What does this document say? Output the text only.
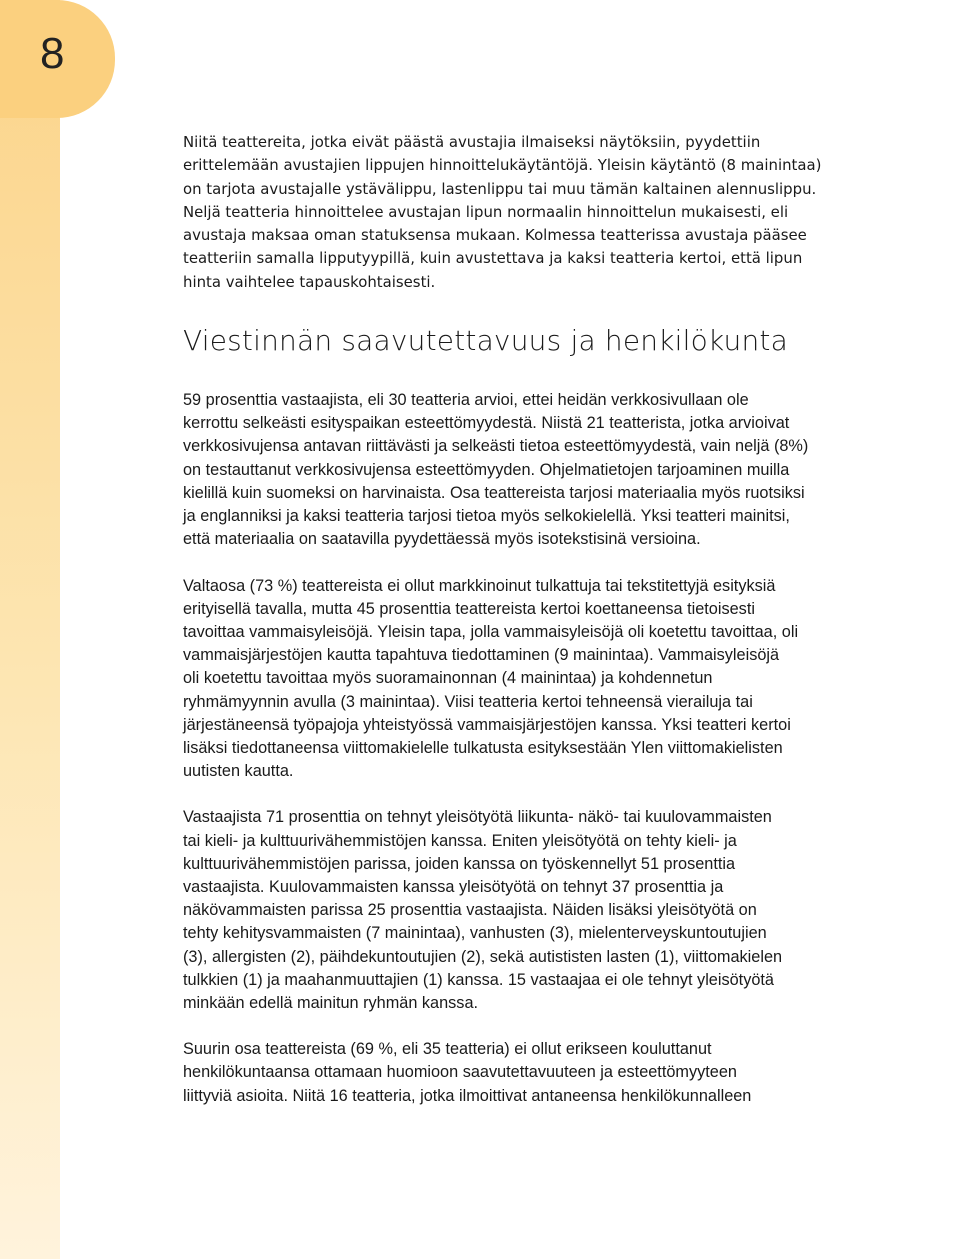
8

Niitä teattereita, jotka eivät päästä avustajia ilmaiseksi näytöksiin, pyydettiin
erittelemään avustajien lippujen hinnoittelukäytäntöjä. Yleisin käytäntö (8 mainintaa)
on tarjota avustajalle ystävälippu, lastenlippu tai muu tämän kaltainen alennuslippu.
Neljä teatteria hinnoittelee avustajan lipun normaalin hinnoittelun mukaisesti, eli
avustaja maksaa oman statuksensa mukaan. Kolmessa teatterissa avustaja pääsee
teatteriin samalla lipputyypillä, kuin avustettava ja kaksi teatteria kertoi, että lipun
hinta vaihtelee tapauskohtaisesti.

Viestinnän saavutettavuus ja henkilökunta

59 prosenttia vastaajista, eli 30 teatteria arvioi, ettei heidän verkkosivullaan ole
kerrottu selkeästi esityspaikan esteettömyydestä. Niistä 21 teatterista, jotka arvioivat
verkkosivujensa antavan riittävästi ja selkeästi tietoa esteettömyydestä, vain neljä (8%)
on testauttanut verkkosivujensa esteettömyyden. Ohjelmatietojen tarjoaminen muilla
kielillä kuin suomeksi on harvinaista. Osa teattereista tarjosi materiaalia myös ruotsiksi
ja englanniksi ja kaksi teatteria tarjosi tietoa myös selkokielellä. Yksi teatteri mainitsi,
että materiaalia on saatavilla pyydettäessä myös isotekstisinä versioina.

Valtaosa (73 %) teattereista ei ollut markkinoinut tulkattuja tai tekstitettyjä esityksiä
erityisellä tavalla, mutta 45 prosenttia teattereista kertoi koettaneensa tietoisesti
tavoittaa vammaisyleisöjä. Yleisin tapa, jolla vammaisyleisöjä oli koetettu tavoittaa, oli
vammaisjärjestöjen kautta tapahtuva tiedottaminen (9 mainintaa). Vammaisyleisöjä
oli koetettu tavoittaa myös suoramainonnan (4 mainintaa) ja kohdennetun
ryhmämyynnin avulla (3 mainintaa). Viisi teatteria kertoi tehneensä vierailuja tai
järjestäneensä työpajoja yhteistyössä vammaisjärjestöjen kanssa. Yksi teatteri kertoi
lisäksi tiedottaneensa viittomakielelle tulkatusta esityksestään Ylen viittomakielisten
uutisten kautta.

Vastaajista 71 prosenttia on tehnyt yleisötyötä liikunta- näkö- tai kuulovammaisten
tai kieli- ja kulttuurivähemmistöjen kanssa. Eniten yleisötyötä on tehty kieli- ja
kulttuurivähemmistöjen parissa, joiden kanssa on työskennellyt 51 prosenttia
vastaajista. Kuulovammaisten kanssa yleisötyötä on tehnyt 37 prosenttia ja
näkövammaisten parissa 25 prosenttia vastaajista. Näiden lisäksi yleisötyötä on
tehty kehitysvammaisten (7 mainintaa), vanhusten (3), mielenterveyskuntoutujien
(3), allergisten (2), päihdekuntoutujien (2), sekä autististen lasten (1), viittomakielen
tulkkien (1) ja maahanmuuttajien (1) kanssa. 15 vastaajaa ei ole tehnyt yleisötyötä
minkään edellä mainitun ryhmän kanssa.

Suurin osa teattereista (69 %, eli 35 teatteria) ei ollut erikseen kouluttanut
henkilökuntaansa ottamaan huomioon saavutettavuuteen ja esteettömyyteen
liittyviä asioita. Niitä 16 teatteria, jotka ilmoittivat antaneensa henkilökunnalleen
